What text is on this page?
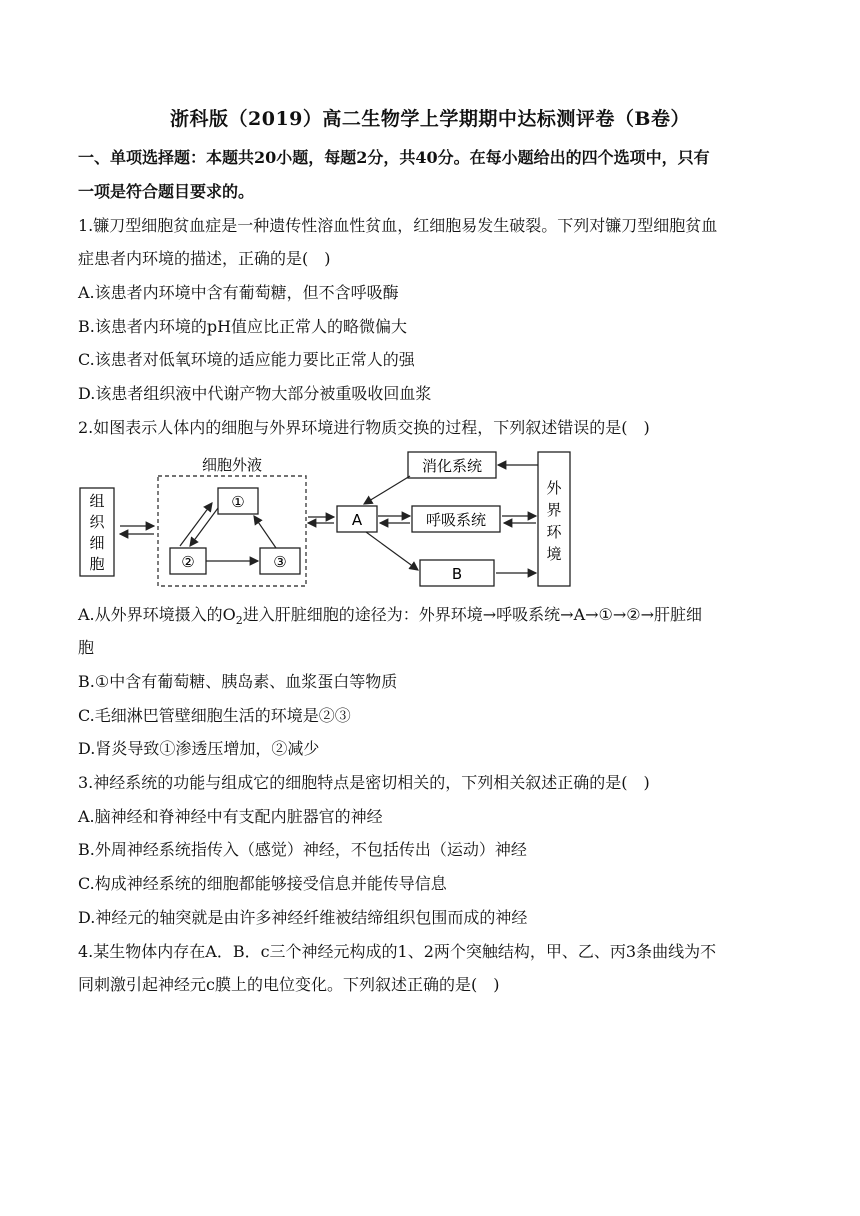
浙科版（2019）高二生物学上学期期中达标测评卷（B卷）
一、单项选择题：本题共20小题，每题2分，共40分。在每小题给出的四个选项中，只有
一项是符合题目要求的。
1.镰刀型细胞贫血症是一种遗传性溶血性贫血，红细胞易发生破裂。下列对镰刀型细胞贫血
症患者内环境的描述，正确的是(　)
A.该患者内环境中含有葡萄糖，但不含呼吸酶
B.该患者内环境的pH值应比正常人的略微偏大
C.该患者对低氧环境的适应能力要比正常人的强
D.该患者组织液中代谢产物大部分被重吸收回血浆
2.如图表示人体内的细胞与外界环境进行物质交换的过程，下列叙述错误的是(　)
组
织
细
胞
细胞外液
①
②	③
A
消化系统
呼吸系统
B
外
界
环
境
A.从外界环境摄入的$O_2$进入肝脏细胞的途径为：外界环境→呼吸系统→A→①→②→肝脏细
胞
B.①中含有葡萄糖、胰岛素、血浆蛋白等物质
C.毛细淋巴管壁细胞生活的环境是②③
D.肾炎导致①渗透压增加，②减少
3.神经系统的功能与组成它的细胞特点是密切相关的，下列相关叙述正确的是(　)
A.脑神经和脊神经中有支配内脏器官的神经
B.外周神经系统指传入（感觉）神经，不包括传出（运动）神经
C.构成神经系统的细胞都能够接受信息并能传导信息
D.神经元的轴突就是由许多神经纤维被结缔组织包围而成的神经
4.某生物体内存在A．B．c三个神经元构成的1、2两个突触结构，甲、乙、丙3条曲线为不
同刺激引起神经元c膜上的电位变化。下列叙述正确的是(　)
